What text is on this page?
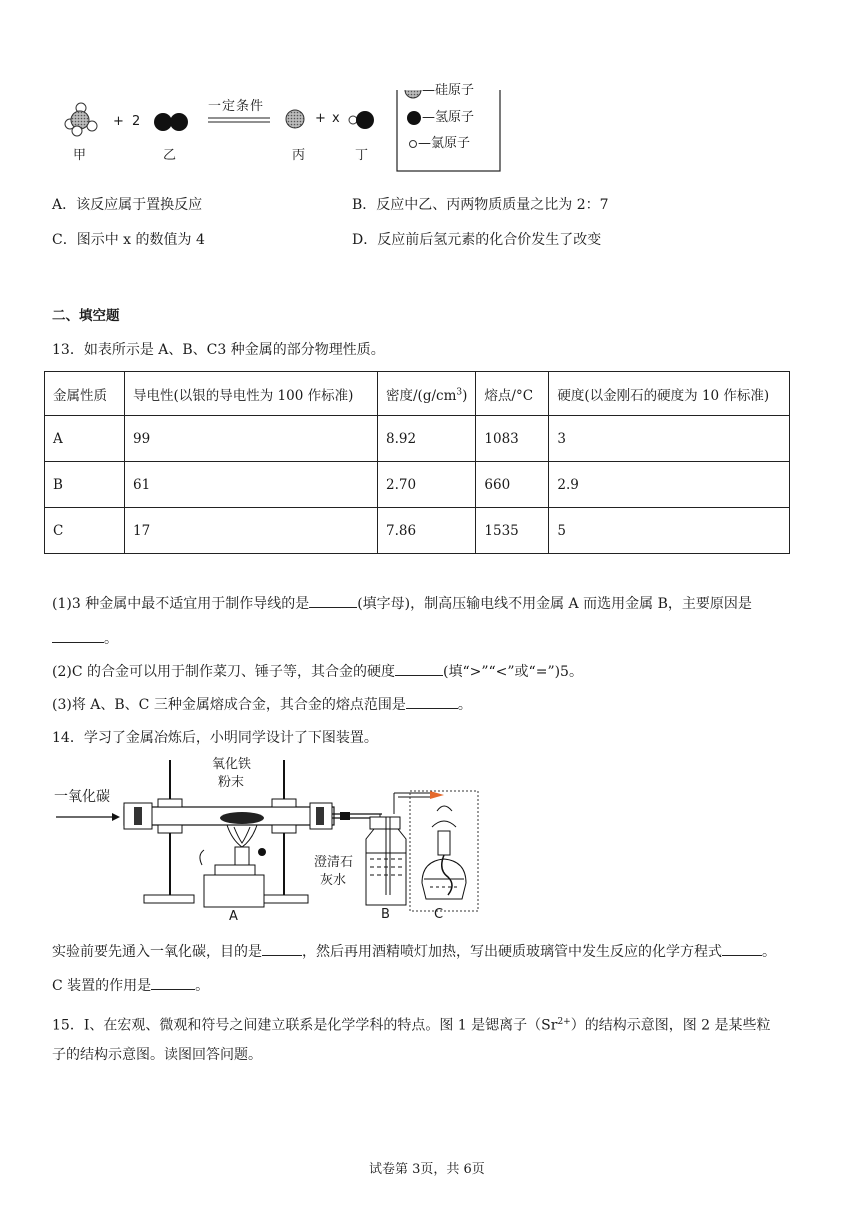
+ 2
一定条件
+ x
甲	乙	丙	丁
—硅原子
—氢原子
—氯原子
A．该反应属于置换反应	B．反应中乙、丙两物质质量之比为 2：7
C．图示中 x 的数值为 4	D．反应前后氢元素的化合价发生了改变
二、填空题
13．如表所示是 A、B、C3 种金属的部分物理性质。
金属性质	导电性(以银的导电性为 100 作标准)	密度$/(g/cm^3)$	熔点/°C	硬度(以金刚石的硬度为 10 作标准)
A	99	8.92	1083	3
B	61	2.70	660	2.9
C	17	7.86	1535	5
(1)3 种金属中最不适宜用于制作导线的是	(填字母)，制高压输电线不用金属 A 而选用金属 B，主要原因是
。
(2)C 的合金可以用于制作菜刀、锤子等，其合金的硬度	(填“>”“<”或“=”)5。
(3)将 A、B、C 三种金属熔成合金，其合金的熔点范围是	。
14．学习了金属冶炼后，小明同学设计了下图装置。
一氧化碳
氧化铁
粉末
澄清石
灰水
A	B	C
实验前要先通入一氧化碳，目的是	，然后再用酒精喷灯加热，写出硬质玻璃管中发生反应的化学方程式	。
C 装置的作用是	。
15．I、在宏观、微观和符号之间建立联系是化学学科的特点。图 1 是锶离子$(Sr^{2+})$的结构示意图，图 2 是某些粒
子的结构示意图。读图回答问题。
试卷第 3页，共 6页
